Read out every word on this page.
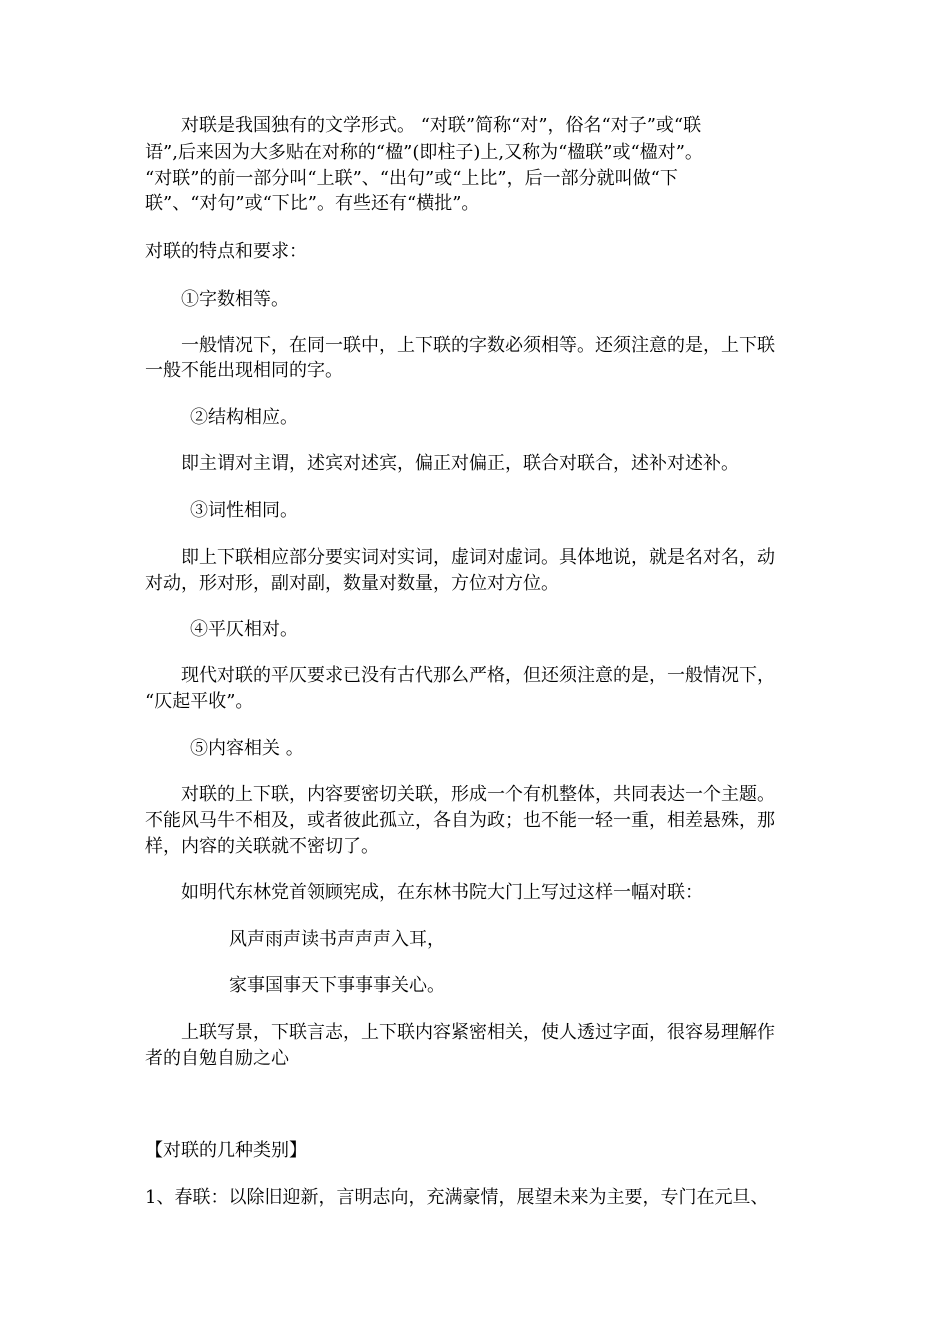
对联是我国独有的文学形式。 “对联”简称“对”，俗名“对子”或“联
语”,后来因为大多贴在对称的“楹”(即柱子)上,又称为“楹联”或“楹对”。
“对联”的前一部分叫“上联”、“出句”或“上比”，后一部分就叫做“下
联”、“对句”或“下比”。有些还有“横批”。
对联的特点和要求：
①字数相等。
一般情况下，在同一联中，上下联的字数必须相等。还须注意的是，上下联
一般不能出现相同的字。
②结构相应。
即主谓对主谓，述宾对述宾，偏正对偏正，联合对联合，述补对述补。
③词性相同。
即上下联相应部分要实词对实词，虚词对虚词。具体地说，就是名对名，动
对动，形对形，副对副，数量对数量，方位对方位。
④平仄相对。
现代对联的平仄要求已没有古代那么严格，但还须注意的是，一般情况下，
“仄起平收”。
⑤内容相关 。
对联的上下联，内容要密切关联，形成一个有机整体，共同表达一个主题。
不能风马牛不相及，或者彼此孤立，各自为政；也不能一轻一重，相差悬殊，那
样，内容的关联就不密切了。
如明代东林党首领顾宪成，在东林书院大门上写过这样一幅对联：
风声雨声读书声声声入耳，
家事国事天下事事事关心。
上联写景，下联言志，上下联内容紧密相关，使人透过字面，很容易理解作
者的自勉自励之心
【对联的几种类别】
1、春联：以除旧迎新，言明志向，充满豪情，展望未来为主要，专门在元旦、
